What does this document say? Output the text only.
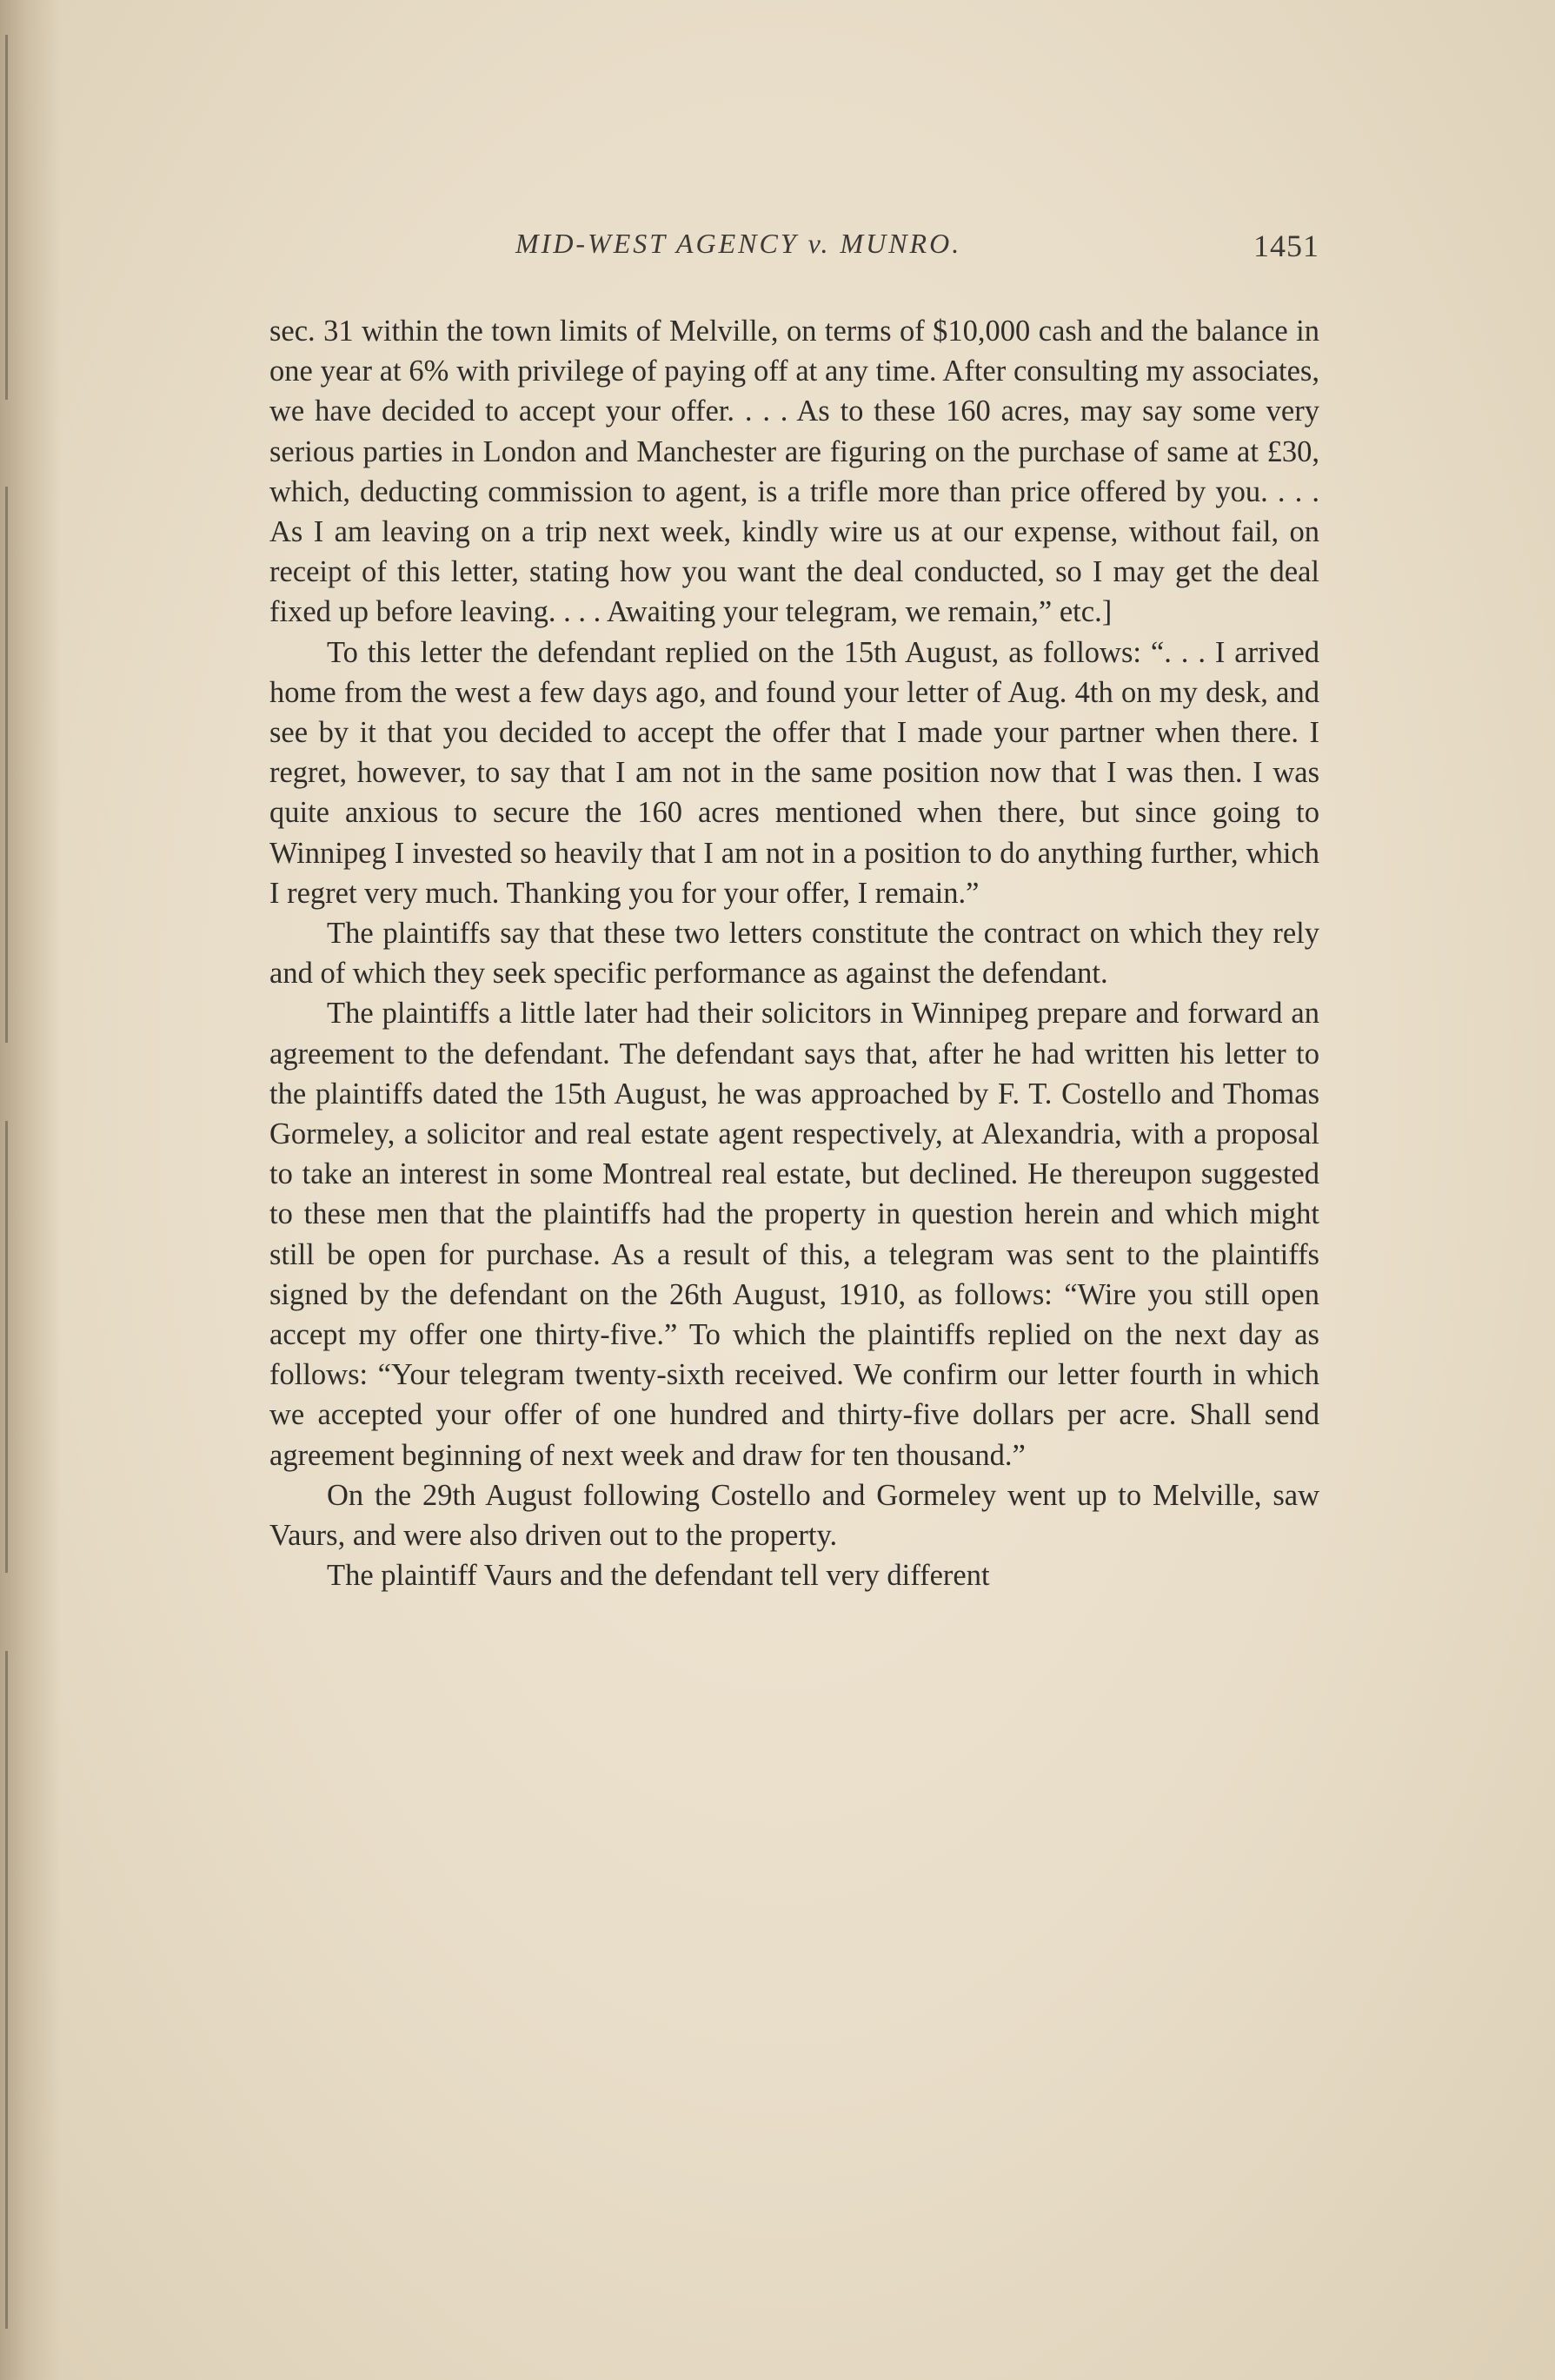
MID-WEST AGENCY v. MUNRO.	1451

sec. 31 within the town limits of Melville, on terms of $10,000 cash and the balance in one year at 6% with privilege of paying off at any time. After consulting my associates, we have decided to accept your offer. . . . As to these 160 acres, may say some very serious parties in London and Manchester are figuring on the purchase of same at £30, which, deducting commission to agent, is a trifle more than price offered by you. . . . As I am leaving on a trip next week, kindly wire us at our expense, without fail, on receipt of this letter, stating how you want the deal conducted, so I may get the deal fixed up before leaving. . . . Awaiting your telegram, we remain,” etc.]

To this letter the defendant replied on the 15th August, as follows: “. . . I arrived home from the west a few days ago, and found your letter of Aug. 4th on my desk, and see by it that you decided to accept the offer that I made your partner when there. I regret, however, to say that I am not in the same position now that I was then. I was quite anxious to secure the 160 acres mentioned when there, but since going to Winnipeg I invested so heavily that I am not in a position to do anything further, which I regret very much. Thanking you for your offer, I remain.”

The plaintiffs say that these two letters constitute the contract on which they rely and of which they seek specific performance as against the defendant.

The plaintiffs a little later had their solicitors in Winnipeg prepare and forward an agreement to the defendant. The defendant says that, after he had written his letter to the plaintiffs dated the 15th August, he was approached by F. T. Costello and Thomas Gormeley, a solicitor and real estate agent respectively, at Alexandria, with a proposal to take an interest in some Montreal real estate, but declined. He thereupon suggested to these men that the plaintiffs had the property in question herein and which might still be open for purchase. As a result of this, a telegram was sent to the plaintiffs signed by the defendant on the 26th August, 1910, as follows: “Wire you still open accept my offer one thirty-five.” To which the plaintiffs replied on the next day as follows: “Your telegram twenty-sixth received. We confirm our letter fourth in which we accepted your offer of one hundred and thirty-five dollars per acre. Shall send agreement beginning of next week and draw for ten thousand.”

On the 29th August following Costello and Gormeley went up to Melville, saw Vaurs, and were also driven out to the property.

The plaintiff Vaurs and the defendant tell very different
